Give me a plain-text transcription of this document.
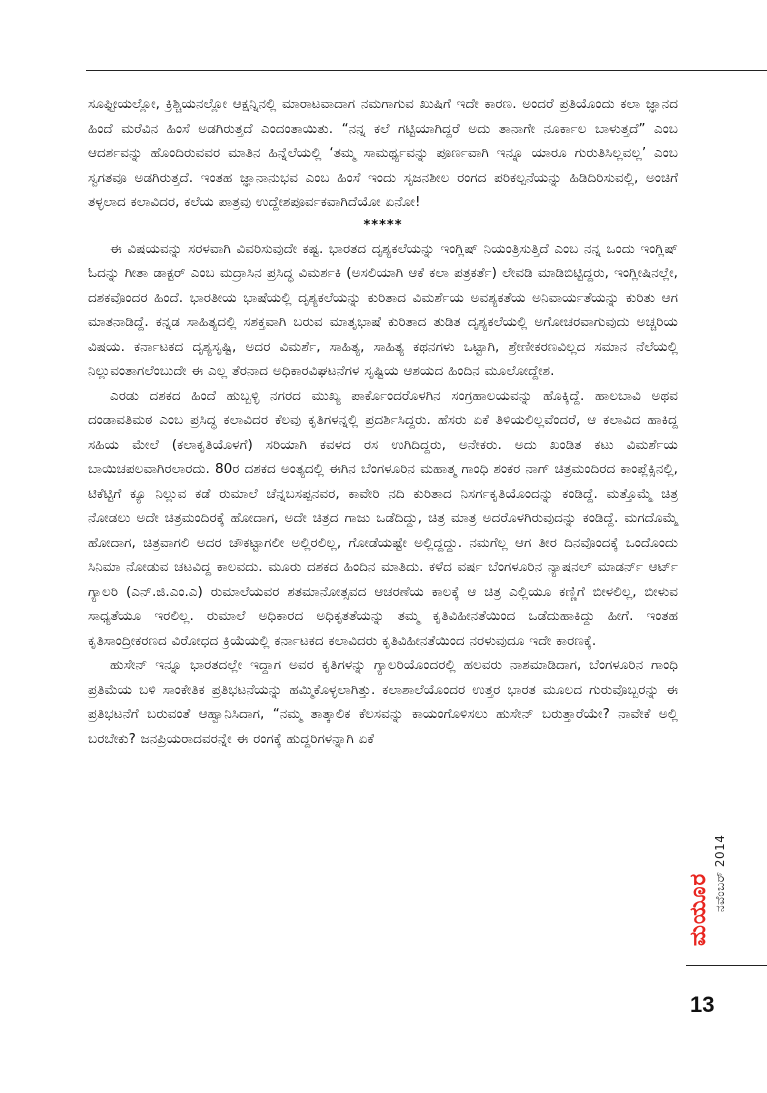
ಸೂಫ್ಟೀಯಲ್ಲೋ, ಕ್ರಿಶ್ಚಿಯನಲ್ಲೋ ಆಕ್ಷನ್ನಿನಲ್ಲಿ ಮಾರಾಟವಾದಾಗ ನಮಗಾಗುವ ಖುಷಿಗೆ ಇದೇ ಕಾರಣ. ಅಂದರೆ ಪ್ರತಿಯೊಂದು ಕಲಾ ಜ್ಞಾನದ ಹಿಂದೆ ಮರೆವಿನ ಹಿಂಸೆ ಅಡಗಿರುತ್ತದೆ ಎಂದಂತಾಯಿತು. “ನನ್ನ ಕಲೆ ಗಟ್ಟಿಯಾಗಿದ್ದರೆ ಅದು ತಾನಾಗೇ ನೂರ್ಕಾಲ ಬಾಳುತ್ತದೆ” ಎಂಬ ಆದರ್ಶವನ್ನು ಹೊಂದಿರುವವರ ಮಾತಿನ ಹಿನ್ನೆಲೆಯಲ್ಲಿ ‘ತಮ್ಮ ಸಾಮರ್ಥ್ಯವನ್ನು ಪೂರ್ಣವಾಗಿ ಇನ್ನೂ ಯಾರೂ ಗುರುತಿಸಿಲ್ಲವಲ್ಲ’ ಎಂಬ ಸ್ವಗತವೂ ಅಡಗಿರುತ್ತದೆ. ಇಂತಹ ಜ್ಞಾನಾನುಭವ ಎಂಬ ಹಿಂಸೆ ಇಂದು ಸೃಜನಶೀಲ ರಂಗದ ಪರಿಕಲ್ಪನೆಯನ್ನು ಹಿಡಿದಿರಿಸುವಲ್ಲಿ, ಅಂಚಿಗೆ ತಳ್ಳಲಾದ ಕಲಾವಿದರ, ಕಲೆಯ ಪಾತ್ರವು ಉದ್ದೇಶಪೂರ್ವಕವಾಗಿದೆಯೋ ಏನೋ!

*****

ಈ ವಿಷಯವನ್ನು ಸರಳವಾಗಿ ವಿವರಿಸುವುದೇ ಕಷ್ಟ. ಭಾರತದ ದೃಶ್ಯಕಲೆಯನ್ನು ಇಂಗ್ಲಿಷ್ ನಿಯಂತ್ರಿಸುತ್ತಿದೆ ಎಂಬ ನನ್ನ ಒಂದು ಇಂಗ್ಲಿಷ್ ಓದನ್ನು ಗೀತಾ ಡಾಕ್ಟರ್ ಎಂಬ ಮದ್ರಾಸಿನ ಪ್ರಸಿದ್ಧ ವಿಮರ್ಶಕಿ (ಅಸಲಿಯಾಗಿ ಆಕೆ ಕಲಾ ಪತ್ರಕರ್ತೆ) ಲೇವಡಿ ಮಾಡಿಬಿಟ್ಟಿದ್ದರು, ಇಂಗ್ಲೀಷಿನಲ್ಲೇ, ದಶಕವೊಂದರ ಹಿಂದೆ. ಭಾರತೀಯ ಭಾಷೆಯಲ್ಲಿ ದೃಶ್ಯಕಲೆಯನ್ನು ಕುರಿತಾದ ವಿಮರ್ಶೆಯ ಅವಶ್ಯಕತೆಯ ಅನಿವಾರ್ಯತೆಯನ್ನು ಕುರಿತು ಆಗ ಮಾತನಾಡಿದ್ದೆ. ಕನ್ನಡ ಸಾಹಿತ್ಯದಲ್ಲಿ ಸಶಕ್ತವಾಗಿ ಬರುವ ಮಾತೃಭಾಷೆ ಕುರಿತಾದ ತುಡಿತ ದೃಶ್ಯಕಲೆಯಲ್ಲಿ ಅಗೋಚರವಾಗುವುದು ಅಚ್ಚರಿಯ ವಿಷಯ. ಕರ್ನಾಟಕದ ದೃಶ್ಯಸೃಷ್ಟಿ, ಅದರ ವಿಮರ್ಶೆ, ಸಾಹಿತ್ಯ, ಸಾಹಿತ್ಯ ಕಥನಗಳು ಒಟ್ಟಾಗಿ, ಶ್ರೇಣೀಕರಣವಿಲ್ಲದ ಸಮಾನ ನೆಲೆಯಲ್ಲಿ ನಿಲ್ಲುವಂತಾಗಲೆಂಬುದೇ ಈ ಎಲ್ಲ ತೆರನಾದ ಅಧಿಕಾರವಿಘಟನೆಗಳ ಸೃಷ್ಟಿಯ ಆಶಯದ ಹಿಂದಿನ ಮೂಲೋದ್ದೇಶ.

ಎರಡು ದಶಕದ ಹಿಂದೆ ಹುಬ್ಬಳ್ಳಿ ನಗರದ ಮುಖ್ಯ ಪಾರ್ಕೊಂದರೊಳಗಿನ ಸಂಗ್ರಹಾಲಯವನ್ನು ಹೊಕ್ಕಿದ್ದೆ. ಹಾಲಬಾವಿ ಅಥವ ದಂಡಾವತಿಮಠ ಎಂಬ ಪ್ರಸಿದ್ಧ ಕಲಾವಿದರ ಕೆಲವು ಕೃತಿಗಳನ್ನಲ್ಲಿ ಪ್ರದರ್ಶಿಸಿದ್ದರು. ಹೆಸರು ಏಕೆ ತಿಳಿಯಲಿಲ್ಲವೆಂದರೆ, ಆ ಕಲಾವಿದ ಹಾಕಿದ್ದ ಸಹಿಯ ಮೇಲೆ (ಕಲಾಕೃತಿಯೊಳಗೆ) ಸರಿಯಾಗಿ ಕವಳದ ರಸ ಉಗಿದಿದ್ದರು, ಅನೇಕರು. ಅದು ಖಂಡಿತ ಕಟು ವಿಮರ್ಶೆಯ ಬಾಯಿಚಪಲವಾಗಿರಲಾರದು. 80ರ ದಶಕದ ಅಂತ್ಯದಲ್ಲಿ ಈಗಿನ ಬೆಂಗಳೂರಿನ ಮಹಾತ್ಮ ಗಾಂಧಿ ಶಂಕರ ನಾಗ್ ಚಿತ್ರಮಂದಿರದ ಕಾಂಪ್ಲೆಕ್ಸಿನಲ್ಲಿ, ಟಿಕೆಟ್ಟಿಗೆ ಕ್ಯೂ ನಿಲ್ಲುವ ಕಡೆ ರುಮಾಲೆ ಚೆನ್ನಬಸಪ್ಪನವರ, ಕಾವೇರಿ ನದಿ ಕುರಿತಾದ ನಿಸರ್ಗಕೃತಿಯೊಂದನ್ನು ಕಂಡಿದ್ದೆ. ಮತ್ತೊಮ್ಮೆ ಚಿತ್ರ ನೋಡಲು ಅದೇ ಚಿತ್ರಮಂದಿರಕ್ಕೆ ಹೋದಾಗ, ಅದೇ ಚಿತ್ರದ ಗಾಜು ಒಡೆದಿದ್ದು, ಚಿತ್ರ ಮಾತ್ರ ಅದರೊಳಗಿರುವುದನ್ನು ಕಂಡಿದ್ದೆ. ಮಗದೊಮ್ಮೆ ಹೋದಾಗ, ಚಿತ್ರವಾಗಲಿ ಅದರ ಚೌಕಟ್ಟಾಗಲೀ ಅಲ್ಲಿರಲಿಲ್ಲ, ಗೋಡೆಯಷ್ಟೇ ಅಲ್ಲಿದ್ದದ್ದು. ನಮಗೆಲ್ಲ ಆಗ ತೀರ ದಿನವೊಂದಕ್ಕೆ ಒಂದೊಂದು ಸಿನಿಮಾ ನೋಡುವ ಚಟವಿದ್ದ ಕಾಲವದು. ಮೂರು ದಶಕದ ಹಿಂದಿನ ಮಾತಿದು. ಕಳೆದ ವರ್ಷ ಬೆಂಗಳೂರಿನ ನ್ಯಾಷನಲ್ ಮಾಡರ್ನ್ ಆರ್ಟ್ ಗ್ಯಾಲರಿ (ಎನ್.ಜಿ.ಎಂ.ಎ) ರುಮಾಲೆಯವರ ಶತಮಾನೋತ್ಸವದ ಆಚರಣೆಯ ಕಾಲಕ್ಕೆ ಆ ಚಿತ್ರ ಎಲ್ಲಿಯೂ ಕಣ್ಣಿಗೆ ಬೀಳಲಿಲ್ಲ, ಬೀಳುವ ಸಾಧ್ಯತೆಯೂ ಇರಲಿಲ್ಲ. ರುಮಾಲೆ ಅಧಿಕಾರದ ಅಧಿಕೃತತೆಯನ್ನು ತಮ್ಮ ಕೃತಿವಿಹೀನತೆಯಿಂದ ಒಡೆದುಹಾಕಿದ್ದು ಹೀಗೆ. ಇಂತಹ ಕೃತಿಸಾಂದ್ರೀಕರಣದ ವಿರೋಧದ ಕ್ರಿಯೆಯಲ್ಲಿ ಕರ್ನಾಟಕದ ಕಲಾವಿದರು ಕೃತಿವಿಹೀನತೆಯಿಂದ ನರಳುವುದೂ ಇದೇ ಕಾರಣಕ್ಕೆ.

ಹುಸೇನ್ ಇನ್ನೂ ಭಾರತದಲ್ಲೇ ಇದ್ದಾಗ ಅವರ ಕೃತಿಗಳನ್ನು ಗ್ಯಾಲರಿಯೊಂದರಲ್ಲಿ ಹಲವರು ನಾಶಮಾಡಿದಾಗ, ಬೆಂಗಳೂರಿನ ಗಾಂಧಿ ಪ್ರತಿಮೆಯ ಬಳಿ ಸಾಂಕೇತಿಕ ಪ್ರತಿಭಟನೆಯನ್ನು ಹಮ್ಮಿಕೊಳ್ಳಲಾಗಿತ್ತು. ಕಲಾಶಾಲೆಯೊಂದರ ಉತ್ತರ ಭಾರತ ಮೂಲದ ಗುರುವೊಬ್ಬರನ್ನು ಈ ಪ್ರತಿಭಟನೆಗೆ ಬರುವಂತೆ ಆಹ್ವಾನಿಸಿದಾಗ, “ನಮ್ಮ ತಾತ್ಕಾಲಿಕ ಕೆಲಸವನ್ನು ಕಾಯಂಗೊಳಿಸಲು ಹುಸೇನ್ ಬರುತ್ತಾರೆಯೇ? ನಾವೇಕೆ ಅಲ್ಲಿ ಬರಬೇಕು? ಜನಪ್ರಿಯರಾದವರನ್ನೇ ಈ ರಂಗಕ್ಕೆ ಹುದ್ದರಿಗಳನ್ನಾಗಿ ಏಕೆ

ಮಯೂರ ನವೆಂಬರ್ 2014
13
